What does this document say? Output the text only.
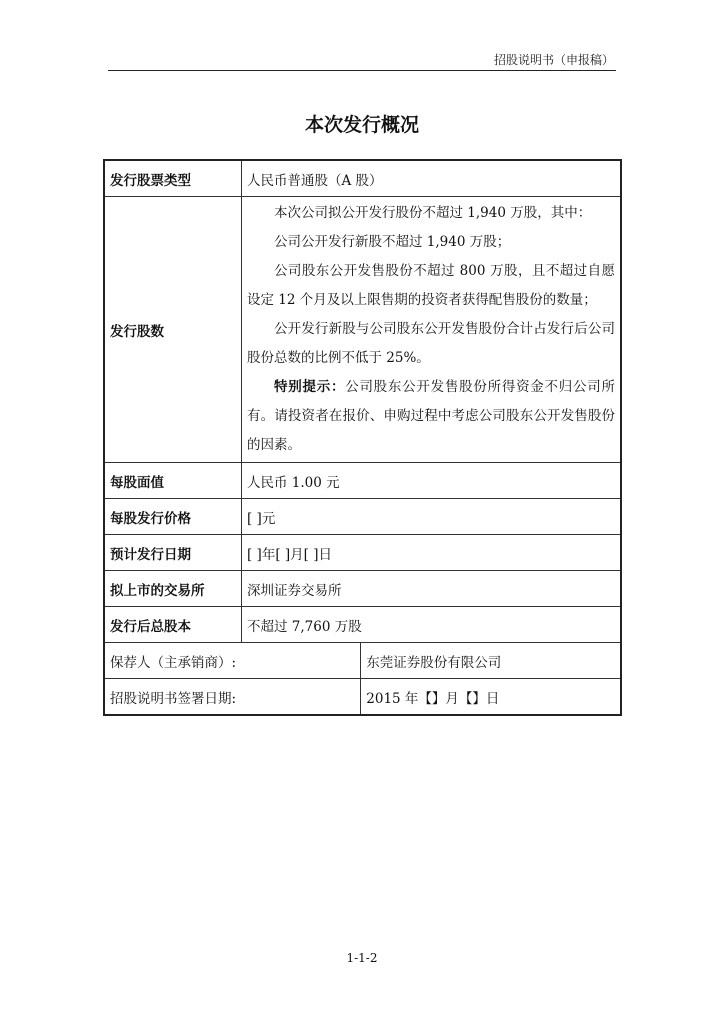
招股说明书（申报稿）
本次发行概况
发行股票类型	人民币普通股（A 股）	
发行股数	本次公司拟公开发行股份不超过 1,940 万股，其中：
公司公开发行新股不超过 1,940 万股；
公司股东公开发售股份不超过 800 万股，且不超过自愿设定 12 个月及以上限售期的投资者获得配售股份的数量；
公开发行新股与公司股东公开发售股份合计占发行后公司股份总数的比例不低于 25%。
特别提示：公司股东公开发售股份所得资金不归公司所有。请投资者在报价、申购过程中考虑公司股东公开发售股份的因素。	

每股面值	人民币 1.00 元	
每股发行价格	[ ]元	
预计发行日期	[ ]年[ ]月[ ]日	
拟上市的交易所	深圳证券交易所	
发行后总股本	不超过 7,760 万股	
保荐人（主承销商）:		东莞证券股份有限公司
招股说明书签署日期:		2015 年【】月【】日
1-1-2
